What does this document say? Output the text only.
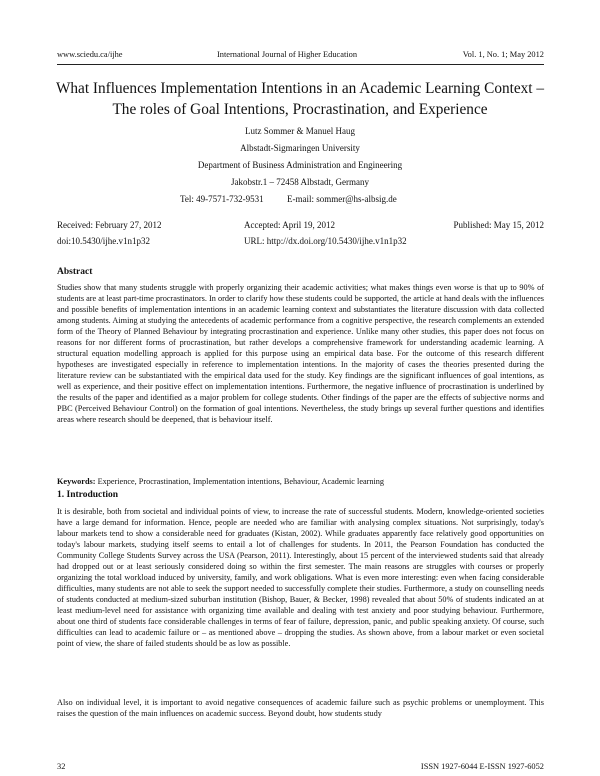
www.sciedu.ca/ijhe	International Journal of Higher Education	Vol. 1, No. 1; May 2012
What Influences Implementation Intentions in an Academic Learning Context – The roles of Goal Intentions, Procrastination, and Experience
Lutz Sommer & Manuel Haug
Albstadt-Sigmaringen University
Department of Business Administration and Engineering
Jakobstr.1 – 72458 Albstadt, Germany
Tel: 49-7571-732-9531	E-mail: sommer@hs-albsig.de
Received: February 27, 2012	Accepted: April 19, 2012	Published: May 15, 2012
doi:10.5430/ijhe.v1n1p32	URL: http://dx.doi.org/10.5430/ijhe.v1n1p32
Abstract
Studies show that many students struggle with properly organizing their academic activities; what makes things even worse is that up to 90% of students are at least part-time procrastinators. In order to clarify how these students could be supported, the article at hand deals with the influences and possible benefits of implementation intentions in an academic learning context and substantiates the literature discussion with data collected among students. Aiming at studying the antecedents of academic performance from a cognitive perspective, the research complements an extended form of the Theory of Planned Behaviour by integrating procrastination and experience. Unlike many other studies, this paper does not focus on reasons for nor different forms of procrastination, but rather develops a comprehensive framework for understanding academic learning. A structural equation modelling approach is applied for this purpose using an empirical data base. For the outcome of this research different hypotheses are investigated especially in reference to implementation intentions. In the majority of cases the theories presented during the literature review can be substantiated with the empirical data used for the study. Key findings are the significant influences of goal intentions, as well as experience, and their positive effect on implementation intentions. Furthermore, the negative influence of procrastination is underlined by the results of the paper and identified as a major problem for college students. Other findings of the paper are the effects of subjective norms and PBC (Perceived Behaviour Control) on the formation of goal intentions. Nevertheless, the study brings up several further questions and identifies areas where research should be deepened, that is behaviour itself.
Keywords: Experience, Procrastination, Implementation intentions, Behaviour, Academic learning
1. Introduction
It is desirable, both from societal and individual points of view, to increase the rate of successful students. Modern, knowledge-oriented societies have a large demand for information. Hence, people are needed who are familiar with analysing complex situations. Not surprisingly, today's labour markets tend to show a considerable need for graduates (Kistan, 2002). While graduates apparently face relatively good opportunities on today's labour markets, studying itself seems to entail a lot of challenges for students. In 2011, the Pearson Foundation has conducted the Community College Students Survey across the USA (Pearson, 2011). Interestingly, about 15 percent of the interviewed students said that already had dropped out or at least seriously considered doing so within the first semester. The main reasons are struggles with courses or properly organizing the total workload induced by university, family, and work obligations. What is even more interesting: even when facing considerable difficulties, many students are not able to seek the support needed to successfully complete their studies. Furthermore, a study on counselling needs of students conducted at medium-sized suburban institution (Bishop, Bauer, & Becker, 1998) revealed that about 50% of students indicated an at least medium-level need for assistance with organizing time available and dealing with test anxiety and poor studying behaviour. Furthermore, about one third of students face considerable challenges in terms of fear of failure, depression, panic, and public speaking anxiety. Of course, such difficulties can lead to academic failure or – as mentioned above – dropping the studies. As shown above, from a labour market or even societal point of view, the share of failed students should be as low as possible.
Also on individual level, it is important to avoid negative consequences of academic failure such as psychic problems or unemployment. This raises the question of the main influences on academic success. Beyond doubt, how students study
32	ISSN 1927-6044 E-ISSN 1927-6052
